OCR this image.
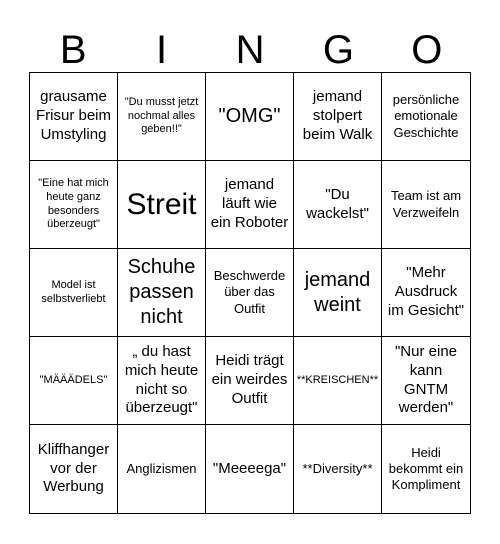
B	I	N	G	O
grausame Frisur beim Umstyling
"Du musst jetzt nochmal alles geben!!"
"OMG"
jemand stolpert beim Walk
persönliche emotionale Geschichte
"Eine hat mich heute ganz besonders überzeugt"
Streit
jemand läuft wie ein Roboter
"Du wackelst"
Team ist am Verzweifeln
Model ist selbstverliebt
Schuhe passen nicht
Beschwerde über das Outfit
jemand weint
"Mehr Ausdruck im Gesicht"
"MÄÄÄDELS"
„ du hast mich heute nicht so überzeugt"
Heidi trägt ein weirdes Outfit
**KREISCHEN**
"Nur eine kann GNTM werden"
Kliffhanger vor der Werbung
Anglizismen	"Meeeega"	**Diversity**
Heidi bekommt ein Kompliment
